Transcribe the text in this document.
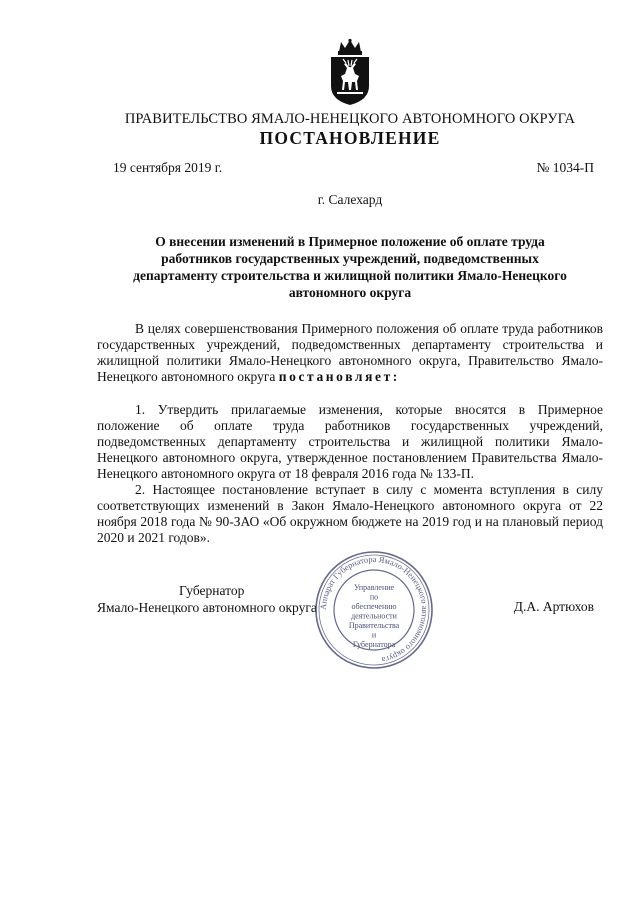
ПРАВИТЕЛЬСТВО ЯМАЛО-НЕНЕЦКОГО АВТОНОМНОГО ОКРУГА
ПОСТАНОВЛЕНИЕ
19 сентября 2019 г.	№ 1034-П
г. Салехард
О внесении изменений в Примерное положение об оплате труда работников государственных учреждений, подведомственных департаменту строительства и жилищной политики Ямало-Ненецкого автономного округа

В целях совершенствования Примерного положения об оплате труда работников государственных учреждений, подведомственных департаменту строительства и жилищной политики Ямало-Ненецкого автономного округа, Правительство Ямало-Ненецкого автономного округа постановляет:

1. Утвердить прилагаемые изменения, которые вносятся в Примерное положение об оплате труда работников государственных учреждений, подведомственных департаменту строительства и жилищной политики Ямало-Ненецкого автономного округа, утвержденное постановлением Правительства Ямало-Ненецкого автономного округа от 18 февраля 2016 года № 133-П.

2. Настоящее постановление вступает в силу с момента вступления в силу соответствующих изменений в Закон Ямало-Ненецкого автономного округа от 22 ноября 2018 года № 90-ЗАО «Об окружном бюджете на 2019 год и на плановый период 2020 и 2021 годов».

Губернатор
Ямало-Ненецкого автономного округа	Д.А. Артюхов
Аппарат Губернатора Ямало-Ненецкого автономного округа
Управление по обеспечению деятельности Правительства и Губернатора
